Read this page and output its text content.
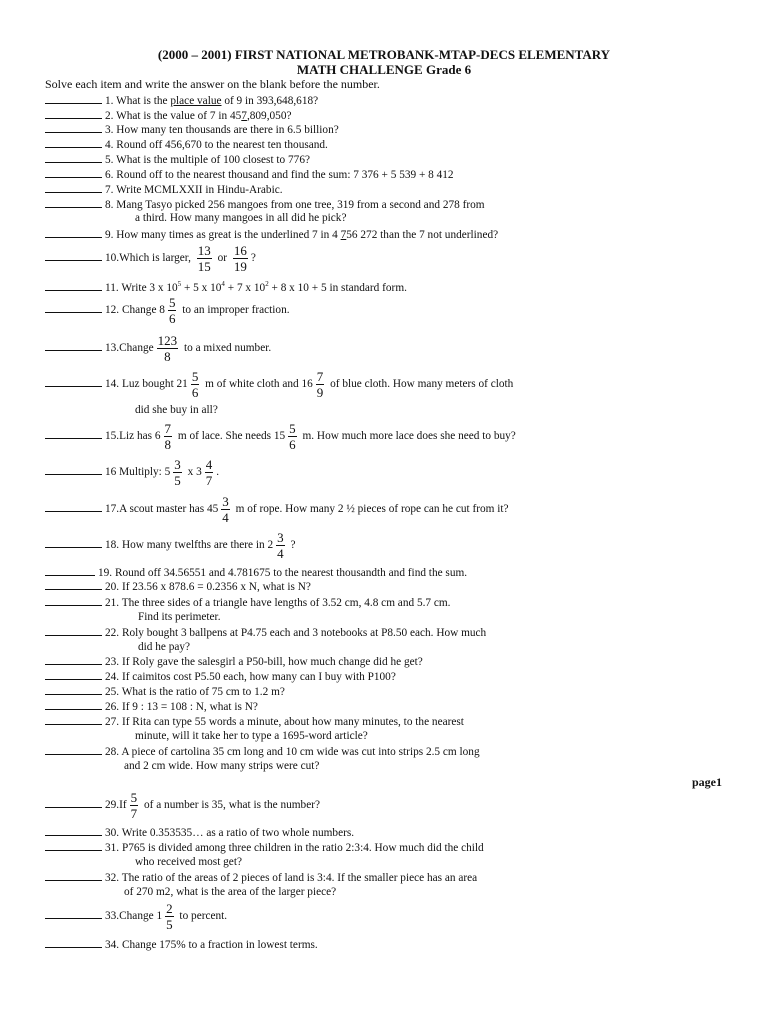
(2000 – 2001) FIRST NATIONAL METROBANK-MTAP-DECS ELEMENTARY
MATH CHALLENGE Grade 6
Solve each item and write the answer on the blank before the number.
1. What is the place value of 9 in 393,648,618?
2. What is the value of 7 in 457,809,050?
3. How many ten thousands are there in 6.5 billion?
4. Round off 456,670 to the nearest ten thousand.
5. What is the multiple of 100 closest to 776?
6. Round off to the nearest thousand and find the sum: 7 376 + 5 539 + 8 412
7. Write MCMLXXII in Hindu-Arabic.
8. Mang Tasyo picked 256 mangoes from one tree, 319 from a second and 278 from
a third. How many mangoes in all did he pick?
9. How many times as great is the underlined 7 in 4 756 272 than the 7 not underlined?
10.Which is larger, $\frac{13}{15}$ or $\frac{16}{19}$ ?
11. Write 3 x $10^5 + 5$ x $10^4 + 7$ x $10^2 + 8$ x 10 + 5 in standard form.
12. Change $8 \frac{5}{6}$ to an improper fraction.
13.Change $\frac{123}{8}$ to a mixed number.
14. Luz bought $21 \frac{5}{6}$ m of white cloth and $16 \frac{7}{9}$ of blue cloth. How many meters of cloth
did she buy in all?
15.Liz has $6 \frac{7}{8}$ m of lace. She needs $15 \frac{5}{6} m$. How much more lace does she need to buy?
16 Multiply: $5 \frac{3}{5}$ x $3 \frac{4}{7}$ .
17.A scout master has $45 \frac{3}{4}$ m of rope. How many 2 ½ pieces of rope can he cut from it?
18. How many twelfths are there in $2 \frac{3}{4}$ ?
19. Round off 34.56551 and 4.781675 to the nearest thousandth and find the sum.
20. If 23.56 x 878.6 = 0.2356 x N, what is N?
21. The three sides of a triangle have lengths of 3.52 cm, 4.8 cm and 5.7 cm.
Find its perimeter.
22. Roly bought 3 ballpens at P4.75 each and 3 notebooks at P8.50 each. How much
did he pay?
23. If Roly gave the salesgirl a P50-bill, how much change did he get?
24. If caimitos cost P5.50 each, how many can I buy with P100?
25. What is the ratio of 75 cm to 1.2 m?
26. If 9 : 13 = 108 : N, what is N?
27. If Rita can type 55 words a minute, about how many minutes, to the nearest
minute, will it take her to type a 1695-word article?
28. A piece of cartolina 35 cm long and 10 cm wide was cut into strips 2.5 cm long
and 2 cm wide. How many strips were cut?
page1
$29.If \frac{5}{7}$ of a number is 35, what is the number?
30. Write 0.353535… as a ratio of two whole numbers.
31. P765 is divided among three children in the ratio 2:3:4. How much did the child
who received most get?
32. The ratio of the areas of 2 pieces of land is 3:4. If the smaller piece has an area
of 270 m2, what is the area of the larger piece?
33.Change $1 \frac{2}{5}$ to percent.
34. Change 175% to a fraction in lowest terms.
